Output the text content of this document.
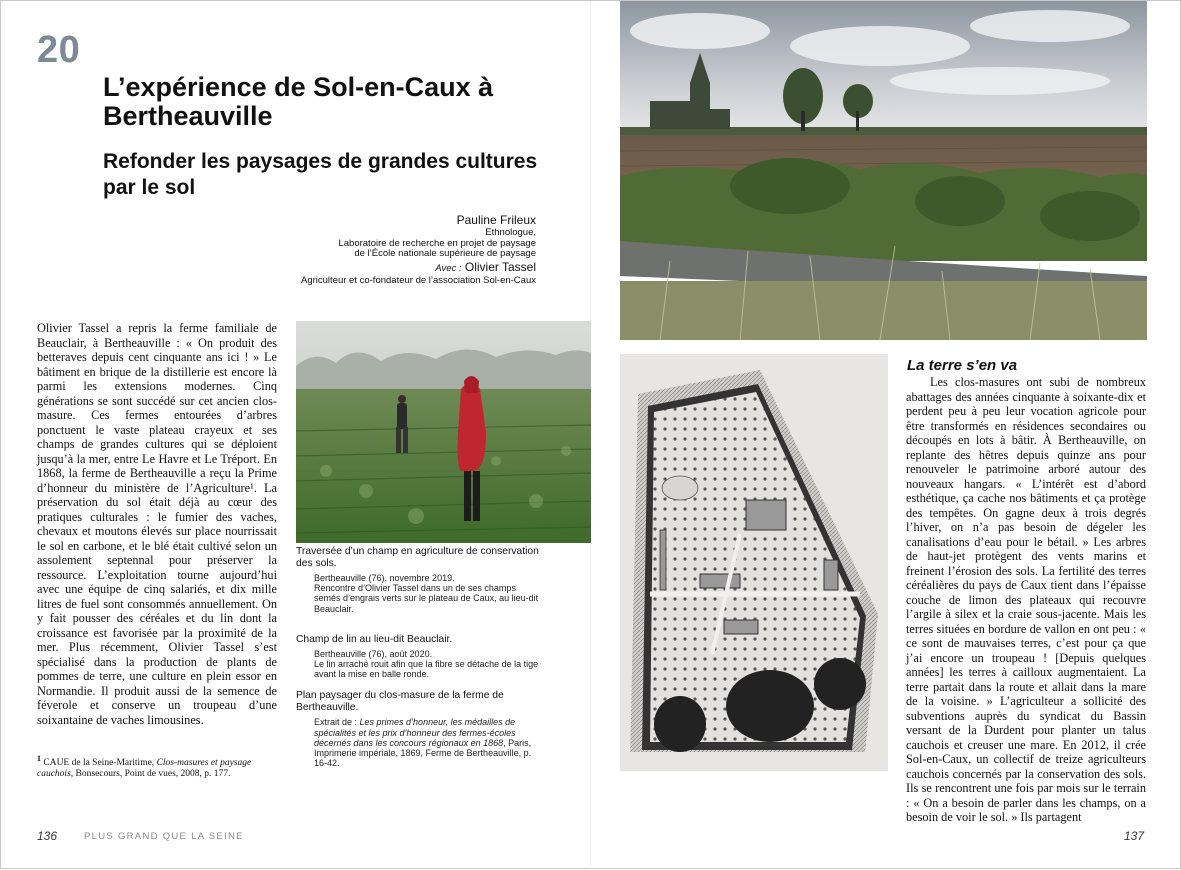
20
L’expérience de Sol-en-Caux à Bertheauville
Refonder les paysages de grandes cultures par le sol
Pauline Frileux
Ethnologue,
Laboratoire de recherche en projet de paysage
de l’École nationale supérieure de paysage
Avec : Olivier Tassel
Agriculteur et co-fondateur de l’association Sol-en-Caux

Olivier Tassel a repris la ferme familiale de Beauclair, à Bertheauville : « On produit des betteraves depuis cent cinquante ans ici ! » Le bâtiment en brique de la distillerie est encore là parmi les extensions modernes. Cinq générations se sont succédé sur cet ancien clos-masure. Ces fermes entourées d’arbres ponctuent le vaste plateau crayeux et ses champs de grandes cultures qui se déploient jusqu’à la mer, entre Le Havre et Le Tréport. En 1868, la ferme de Bertheauville a reçu la Prime d’honneur du ministère de l’Agriculture¹. La préservation du sol était déjà au cœur des pratiques culturales : le fumier des vaches, chevaux et moutons élevés sur place nourrissait le sol en carbone, et le blé était cultivé selon un assolement septennal pour préserver la ressource. L’exploitation tourne aujourd’hui avec une équipe de cinq salariés, et dix mille litres de fuel sont consommés annuellement. On y fait pousser des céréales et du lin dont la croissance est favorisée par la proximité de la mer. Plus récemment, Olivier Tassel s’est spécialisé dans la production de plants de pommes de terre, une culture en plein essor en Normandie. Il produit aussi de la semence de féverole et conserve un troupeau d’une soixantaine de vaches limousines.

$^1$ CAUE de la Seine-Maritime, Clos-masures et paysage cauchois, Bonsecours, Point de vues, 2008, p. 177.

Traversée d’un champ en agriculture de conservation des sols.

Bertheauville (76), novembre 2019.

Rencontre d’Olivier Tassel dans un de ses champs semés d’engrais verts sur le plateau de Caux, au lieu-dit Beauclair.

Champ de lin au lieu-dit Beauclair.

Bertheauville (76), août 2020.

Le lin arraché rouit afin que la fibre se détache de la tige avant la mise en balle ronde.

Plan paysager du clos-masure de la ferme de Bertheauville.

Extrait de : Les primes d’honneur, les médailles de spécialités et les prix d’honneur des fermes-écoles décernés dans les concours régionaux en 1868, Paris, Imprimerie impériale, 1869, Ferme de Bertheauville, p. 16-42.

La terre s’en va

Les clos-masures ont subi de nombreux abattages des années cinquante à soixante-dix et perdent peu à peu leur vocation agricole pour être transformés en résidences secondaires ou découpés en lots à bâtir. À Bertheauville, on replante des hêtres depuis quinze ans pour renouveler le patrimoine arboré autour des nouveaux hangars. « L’intérêt est d’abord esthétique, ça cache nos bâtiments et ça protège des tempêtes. On gagne deux à trois degrés l’hiver, on n’a pas besoin de dégeler les canalisations d’eau pour le bétail. » Les arbres de haut-jet protègent des vents marins et freinent l’érosion des sols. La fertilité des terres céréalières du pays de Caux tient dans l’épaisse couche de limon des plateaux qui recouvre l’argile à silex et la craie sous-jacente. Mais les terres situées en bordure de vallon en ont peu : « ce sont de mauvaises terres, c’est pour ça que j’ai encore un troupeau ! [Depuis quelques années] les terres à cailloux augmentaient. La terre partait dans la route et allait dans la mare de la voisine. » L’agriculteur a sollicité des subventions auprès du syndicat du Bassin versant de la Durdent pour planter un talus cauchois et creuser une mare. En 2012, il crée Sol-en-Caux, un collectif de treize agriculteurs cauchois concernés par la conservation des sols. Ils se rencontrent une fois par mois sur le terrain : « On a besoin de parler dans les champs, on a besoin de voir le sol. » Ils partagent

136	PLUS GRAND QUE LA SEINE	137
